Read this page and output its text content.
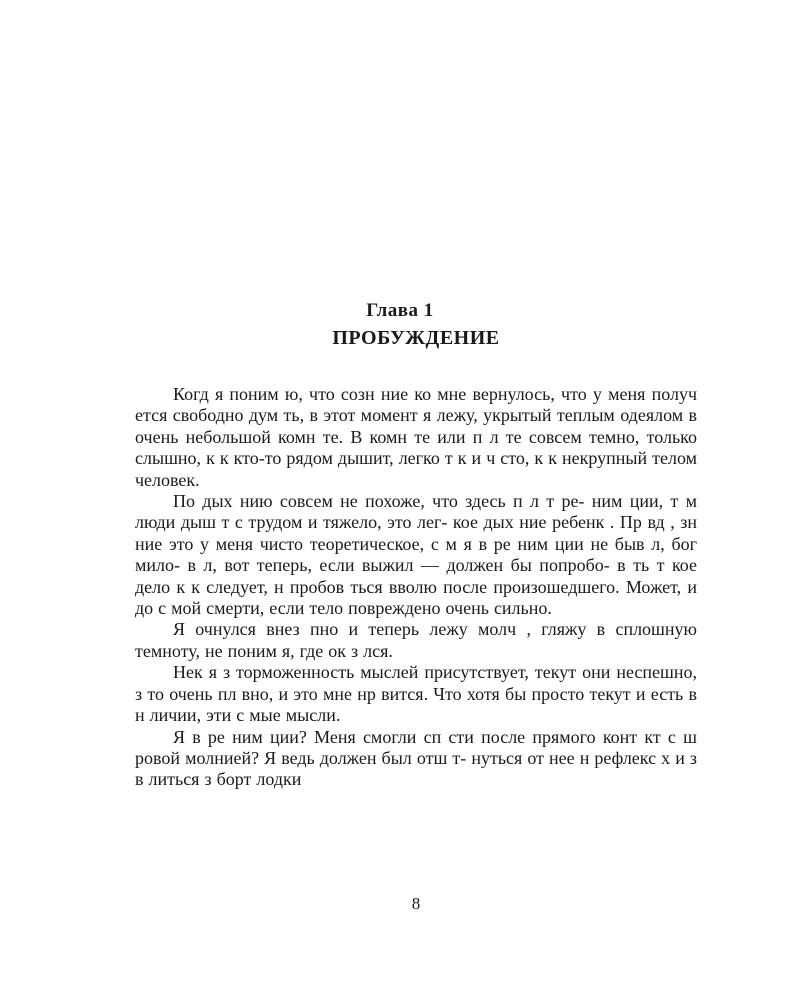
Глава 1
ПРОБУЖДЕНИЕ

Когд я поним ю, что созн ние ко мне вернулось, что у меня получ ется свободно дум ть, в этот момент я лежу, укрытый теплым одеялом в очень небольшой комн те. В комн те или п л те совсем темно, только слышно, к к кто-то рядом дышит, легко т к и ч сто, к к некрупный телом человек.

По дых нию совсем не похоже, что здесь п л т ре- ним ции, т м люди дыш т с трудом и тяжело, это лег- кое дых ние ребенк . Пр вд , зн ние это у меня чисто теоретическое, с м я в ре ним ции не быв л, бог мило- в л, вот теперь, если выжил — должен бы попробо- в ть т кое дело к к следует, н пробов ться вволю после произошедшего. Может, и до с мой смерти, если тело повреждено очень сильно.

Я очнулся внез пно и теперь лежу молч , гляжу в сплошную темноту, не поним я, где ок з лся.

Нек я з торможенность мыслей присутствует, текут они неспешно, з то очень пл вно, и это мне нр вится. Что хотя бы просто текут и есть в н личии, эти с мые мысли.

Я в ре ним ции? Меня смогли сп сти после прямого конт кт с ш ровой молнией? Я ведь должен был отш т- нуться от нее н рефлекс х и з в литься з борт лодки

8
